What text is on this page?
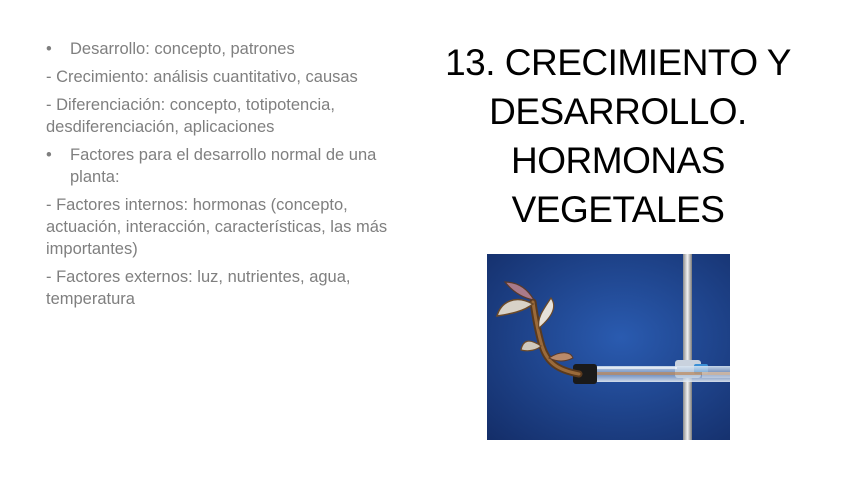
• Desarrollo: concepto, patrones
- Crecimiento: análisis cuantitativo, causas
- Diferenciación: concepto, totipotencia, desdiferenciación, aplicaciones
• Factores para el desarrollo normal de una planta:
- Factores internos: hormonas (concepto, actuación, interacción, características, las más importantes)
- Factores externos: luz, nutrientes, agua, temperatura
13. CRECIMIENTO Y DESARROLLO. HORMONAS VEGETALES
